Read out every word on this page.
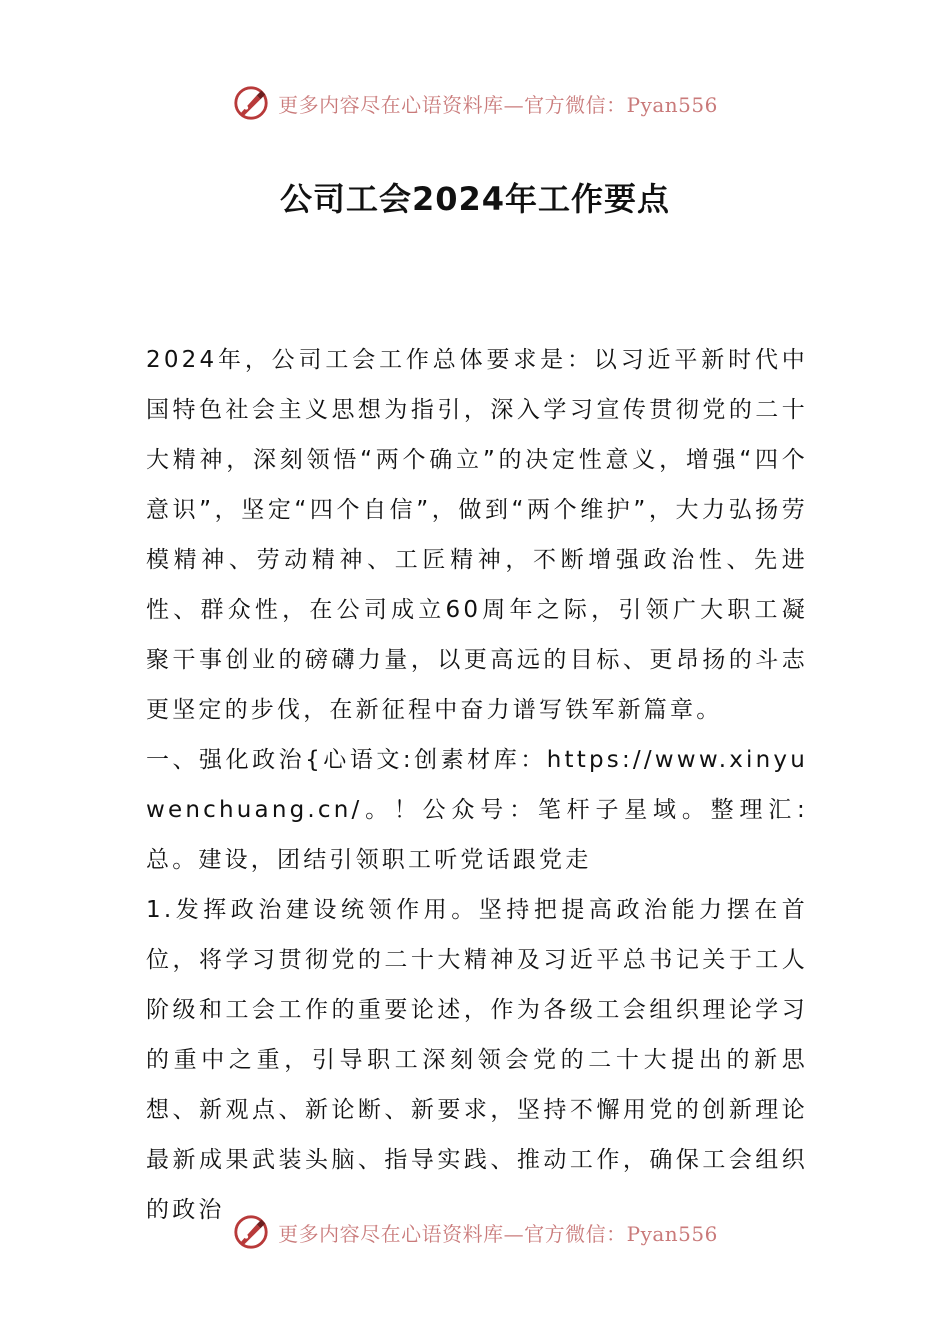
更多内容尽在心语资料库—官方微信：Pyan556
公司工会2024年工作要点

2024年，公司工会工作总体要求是：以习近平新时代中国特色社会主义思想为指引，深入学习宣传贯彻党的二十大精神，深刻领悟“两个确立”的决定性意义，增强“四个意识”，坚定“四个自信”，做到“两个维护”，大力弘扬劳模精神、劳动精神、工匠精神，不断增强政治性、先进性、群众性，在公司成立60周年之际，引领广大职工凝聚干事创业的磅礴力量，以更高远的目标、更昂扬的斗志更坚定的步伐，在新征程中奋力谱写铁军新篇章。

一、强化政治{心语文:创素材库：https://www.xinyuwenchuang.cn/。！公众号：笔杆子星域。整理汇:总。建设，团结引领职工听党话跟党走

1.发挥政治建设统领作用。坚持把提高政治能力摆在首位，将学习贯彻党的二十大精神及习近平总书记关于工人阶级和工会工作的重要论述，作为各级工会组织理论学习的重中之重，引导职工深刻领会党的二十大提出的新思想、新观点、新论断、新要求，坚持不懈用党的创新理论最新成果武装头脑、指导实践、推动工作，确保工会组织的政治

更多内容尽在心语资料库—官方微信：Pyan556
